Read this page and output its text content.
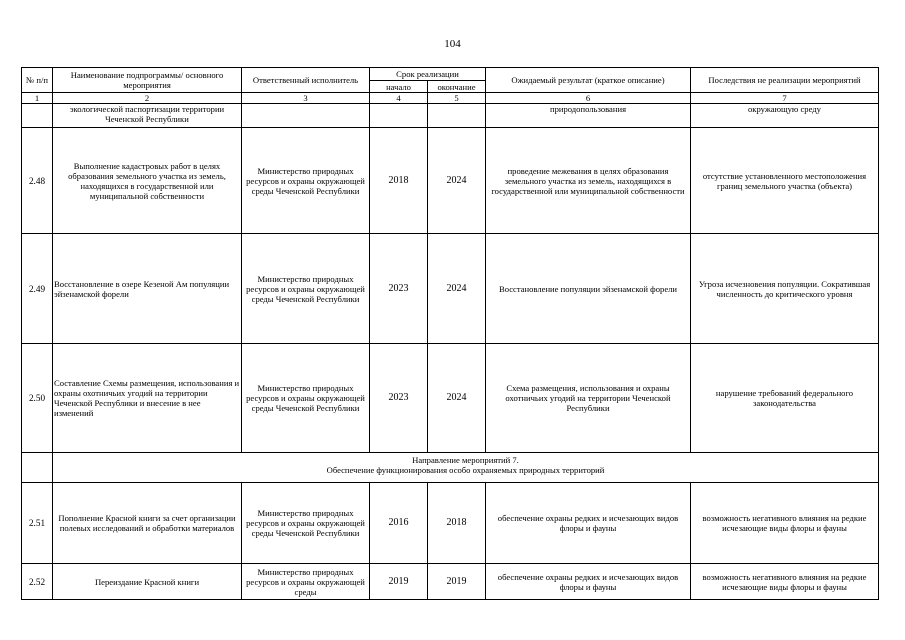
104
№ п/п	Наименование подпрограммы/ основного мероприятия	Ответственный исполнитель	Срок реализации		Ожидаемый результат (краткое описание)	Последствия не реализации мероприятий
			начало	окончание		
1	2	3	4	5	6	7
	экологической паспортизации территории Чеченской Республики				природопользования	окружающую среду
2.48	Выполнение кадастровых работ в целях образования земельного участка из земель, находящихся в государственной или муниципальной собственности	Министерство природных ресурсов и охраны окружающей среды Чеченской Республики	2018	2024	проведение межевания в целях образования земельного участка из земель, находящихся в государственной или муниципальной собственности	отсутствие установленного местоположения границ земельного участка (объекта)
2.49	Восстановление в озере Кезеной Ам популяции эйзенамской форели	Министерство природных ресурсов и охраны окружающей среды Чеченской Республики	2023	2024	Восстановление популяции эйзенамской форели	Угроза исчезновения популяции. Сократившая численность до критического уровня
2.50	Составление Схемы размещения, использования и охраны охотничьих угодий на территории Чеченской Республики и внесение в нее изменений	Министерство природных ресурсов и охраны окружающей среды Чеченской Республики	2023	2024	Схема размещения, использования и охраны охотничьих угодий на территории Чеченской Республики	нарушение требований федерального законодательства

	Направление мероприятий 7.
Обеспечение функционирования особо охраняемых природных территорий					

2.51	Пополнение Красной книги за счет организации полевых исследований и обработки материалов	Министерство природных ресурсов и охраны окружающей среды Чеченской Республики	2016	2018	обеспечение охраны редких и исчезающих видов флоры и фауны	возможность негативного влияния на редкие исчезающие виды флоры и фауны
2.52	Переиздание Красной книги	Министерство природных ресурсов и охраны окружающей среды	2019	2019	обеспечение охраны редких и исчезающих видов флоры и фауны	возможность негативного влияния на редкие исчезающие виды флоры и фауны
